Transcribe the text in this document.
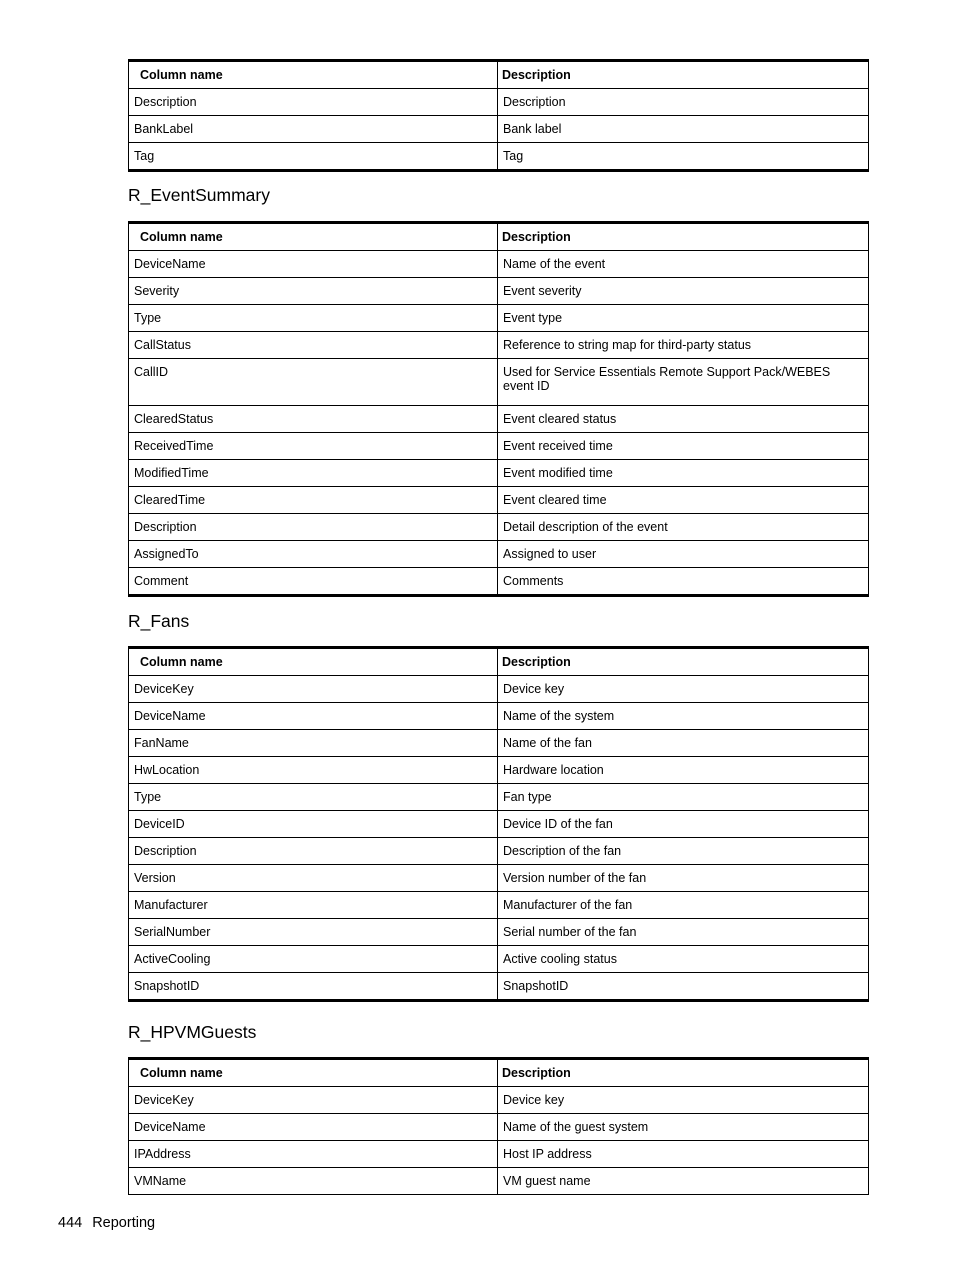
Column name	Description
Description	Description
BankLabel	Bank label
Tag	Tag
R_EventSummary
Column name	Description
DeviceName	Name of the event
Severity	Event severity
Type	Event type
CallStatus	Reference to string map for third-party status
CallID	Used for Service Essentials Remote Support Pack/WEBES event ID
ClearedStatus	Event cleared status
ReceivedTime	Event received time
ModifiedTime	Event modified time
ClearedTime	Event cleared time
Description	Detail description of the event
AssignedTo	Assigned to user
Comment	Comments
R_Fans
Column name	Description
DeviceKey	Device key
DeviceName	Name of the system
FanName	Name of the fan
HwLocation	Hardware location
Type	Fan type
DeviceID	Device ID of the fan
Description	Description of the fan
Version	Version number of the fan
Manufacturer	Manufacturer of the fan
SerialNumber	Serial number of the fan
ActiveCooling	Active cooling status
SnapshotID	SnapshotID
R_HPVMGuests
Column name	Description
DeviceKey	Device key
DeviceName	Name of the guest system
IPAddress	Host IP address
VMName	VM guest name
444 Reporting
